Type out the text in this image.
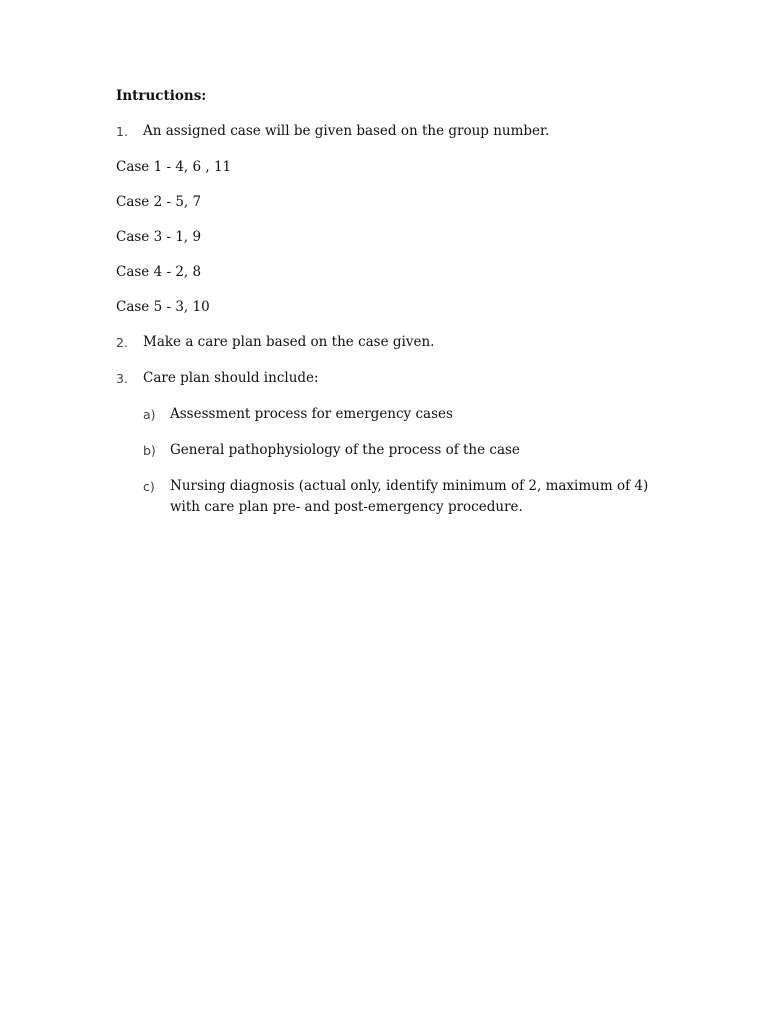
Intructions:
1.	An assigned case will be given based on the group number.
Case 1 - 4, 6 , 11
Case 2 - 5, 7
Case 3 - 1, 9
Case 4 - 2, 8
Case 5 - 3, 10
2.	Make a care plan based on the case given.
3.	Care plan should include:
a)	Assessment process for emergency cases
b)	General pathophysiology of the process of the case
c)	Nursing diagnosis (actual only, identify minimum of 2, maximum of 4) with care plan pre- and post-emergency procedure.
